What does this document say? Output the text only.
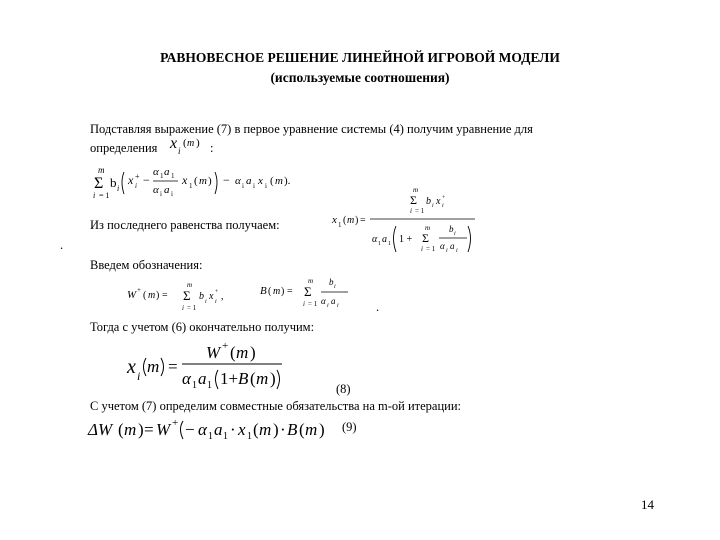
РАВНОВЕСНОЕ РЕШЕНИЕ ЛИНЕЙНОЙ ИГРОВОЙ МОДЕЛИ
(используемые соотношения)
Подставляя выражение (7) в первое уравнение системы (4) получим уравнение для
определения x i
( m ) :
m
Σ
i = 1
b i
x +
i −
α 1 a 1
α i a i
x 1 ( m ) − α i a i x i ( m ).
Из последнего равенства получаем:
.
x 1 ( m ) =
m
Σ
i = 1
b i x +
i
α 1 a 1 1 +
m
Σ
i = 1
b i
α i a i
Введем обозначения:
W + ( m ) =
m
Σ
i = 1
b i x +
i ,	B ( m ) =
m
Σ
i = 1
b i
α i a i	.
Тогда с учетом (6) окончательно получим:
x i m =
W + ( m )
α 1 a 1 1+ B ( m )
(8)
С учетом (7) определим совместные обязательства на m-ой итерации:
ΔW ( m ) = W + − α 1 a 1 · x 1 ( m ) · B ( m ) (9)
14
